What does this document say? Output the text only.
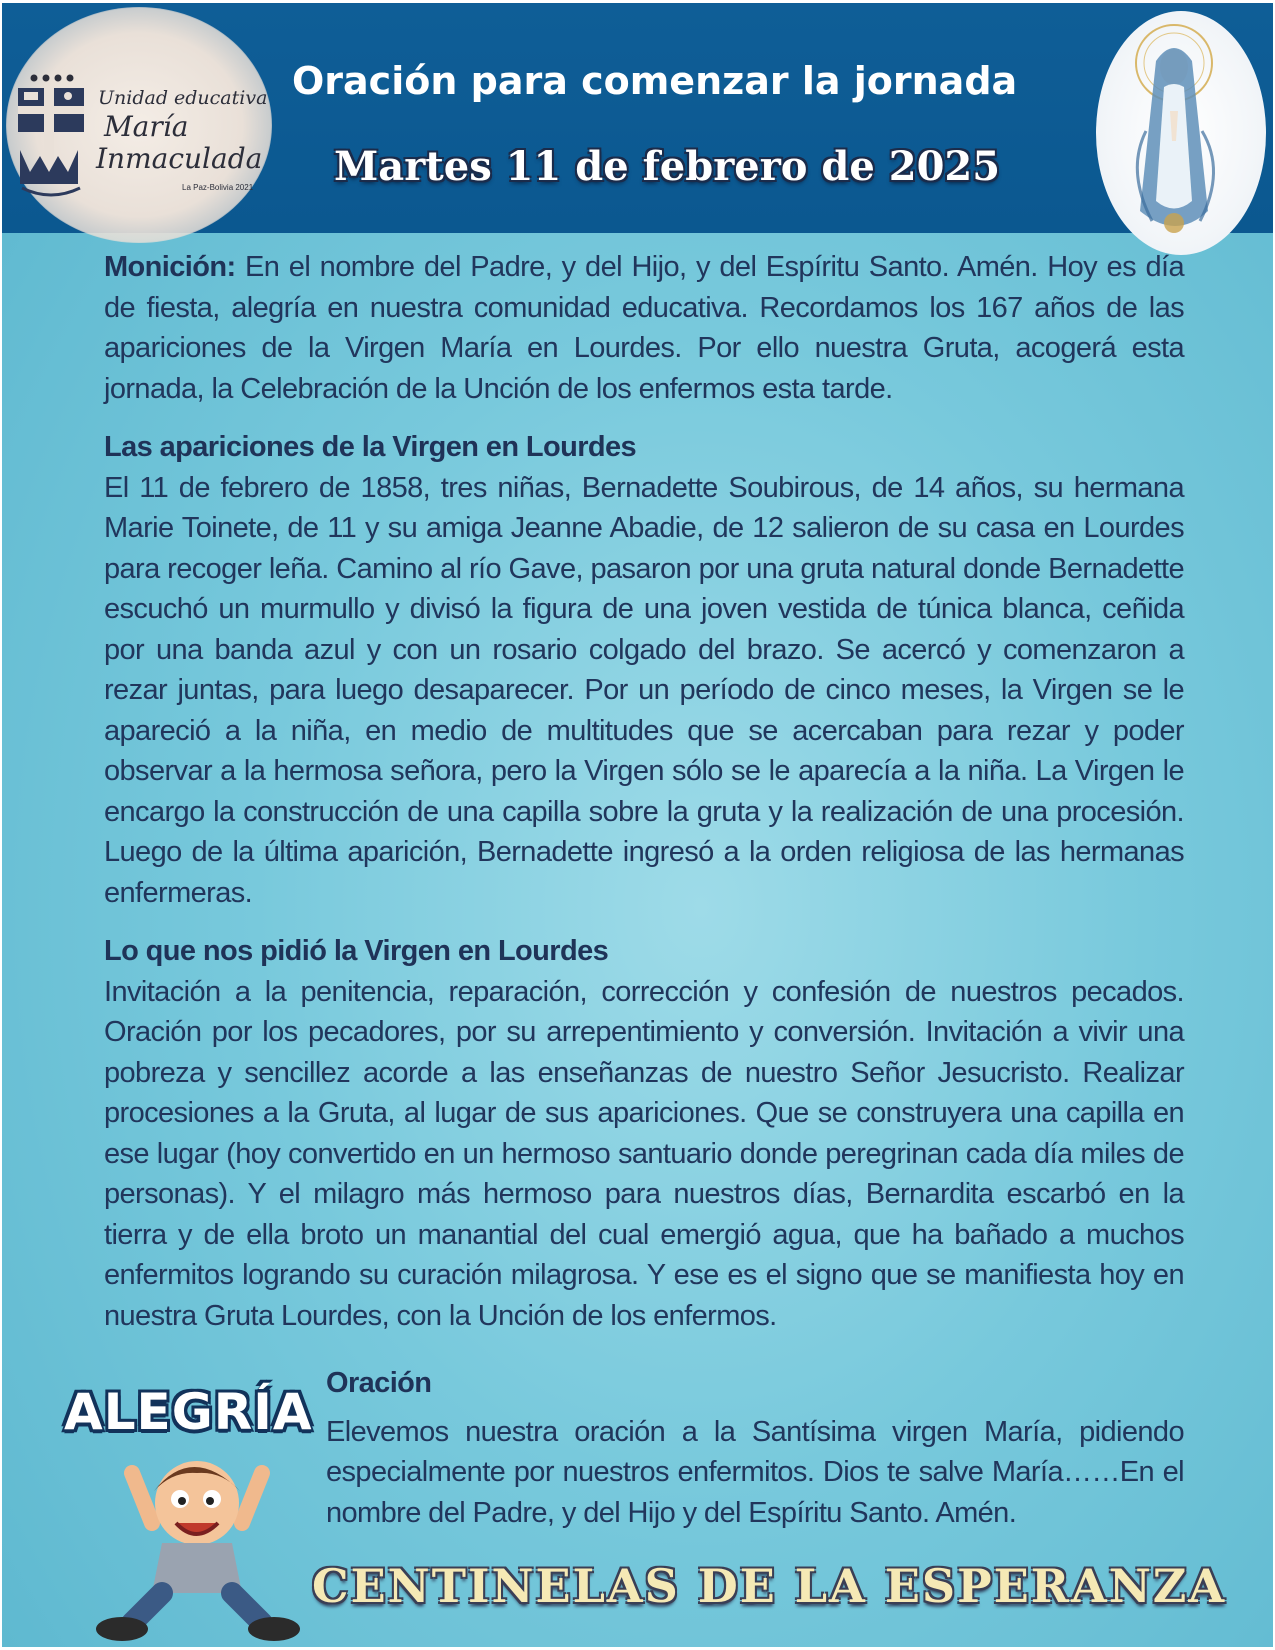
Unidad educativa
María
Inmaculada
La Paz-Bolivia 2021
Oración para comenzar la jornada
Martes 11 de febrero de 2025

Monición: En el nombre del Padre, y del Hijo, y del Espíritu Santo. Amén. Hoy es día de fiesta, alegría en nuestra comunidad educativa. Recordamos los 167 años de las apariciones de la Virgen María en Lourdes. Por ello nuestra Gruta, acogerá esta jornada, la Celebración de la Unción de los enfermos esta tarde.

Las apariciones de la Virgen en Lourdes

El 11 de febrero de 1858, tres niñas, Bernadette Soubirous, de 14 años, su hermana Marie Toinete, de 11 y su amiga Jeanne Abadie, de 12 salieron de su casa en Lourdes para recoger leña. Camino al río Gave, pasaron por una gruta natural donde Bernadette escuchó un murmullo y divisó la figura de una joven vestida de túnica blanca, ceñida por una banda azul y con un rosario colgado del brazo. Se acercó y comenzaron a rezar juntas, para luego desaparecer. Por un período de cinco meses, la Virgen se le apareció a la niña, en medio de multitudes que se acercaban para rezar y poder observar a la hermosa señora, pero la Virgen sólo se le aparecía a la niña. La Virgen le encargo la construcción de una capilla sobre la gruta y la realización de una procesión. Luego de la última aparición, Bernadette ingresó a la orden religiosa de las hermanas enfermeras.

Lo que nos pidió la Virgen en Lourdes

Invitación a la penitencia, reparación, corrección y confesión de nuestros pecados. Oración por los pecadores, por su arrepentimiento y conversión. Invitación a vivir una pobreza y sencillez acorde a las enseñanzas de nuestro Señor Jesucristo. Realizar procesiones a la Gruta, al lugar de sus apariciones. Que se construyera una capilla en ese lugar (hoy convertido en un hermoso santuario donde peregrinan cada día miles de personas). Y el milagro más hermoso para nuestros días, Bernardita escarbó en la tierra y de ella broto un manantial del cual emergió agua, que ha bañado a muchos enfermitos logrando su curación milagrosa. Y ese es el signo que se manifiesta hoy en nuestra Gruta Lourdes, con la Unción de los enfermos.

Oración

Elevemos nuestra oración a la Santísima virgen María, pidiendo especialmente por nuestros enfermitos. Dios te salve María……En el nombre del Padre, y del Hijo y del Espíritu Santo. Amén.

ALEGRÍA
CENTINELAS DE LA ESPERANZA
